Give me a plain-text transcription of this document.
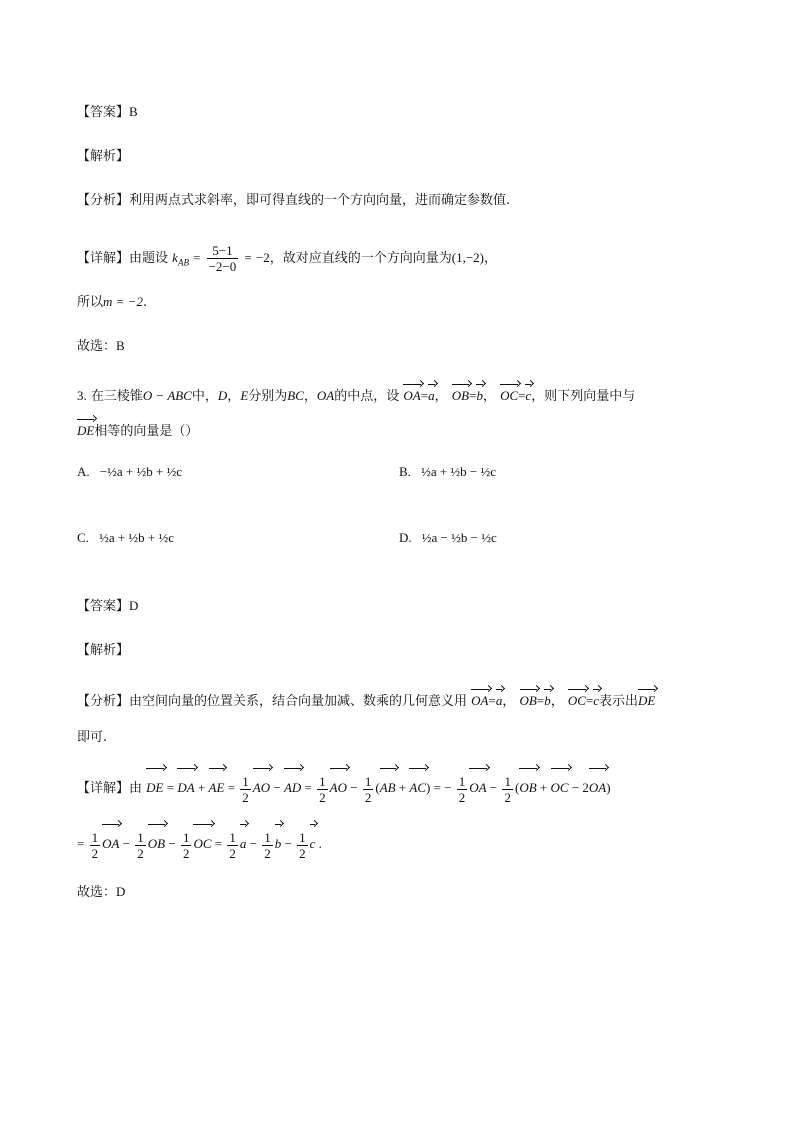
【答案】B
【解析】
【分析】利用两点式求斜率，即可得直线的一个方向向量，进而确定参数值.
【详解】由题设 $k_{AB} = \frac{5-1}{-2-0} = -2$，故对应直线的一个方向向量为(1,−2)，
所以m = −2.
故选：B
3. 在三棱锥O − ABC中，D，E分别为BC，OA的中点，设 OA=a， OB=b， OC=c，则下列向量中与
DE相等的向量是（）
A. −½a + ½b + ½c	B. ½a + ½b − ½c
C. ½a + ½b + ½c	D. ½a − ½b − ½c
【答案】D
【解析】
【分析】由空间向量的位置关系，结合向量加减、数乘的几何意义用 OA=a， OB=b， OC=c表示出DE
即可.
【详解】由 DE = DA + AE = $\frac{1}{2}$ AO − AD = $\frac{1}{2}$ AO − $\frac{1}{2} (AB + AC)$ = − $\frac{1}{2}$ OA − $\frac{1}{2} (OB$ + OC − 2OA)
= $\frac{1}{2}$ OA − $\frac{1}{2}$ OB − $\frac{1}{2}$ OC = $\frac{1}{2}$ $a - \frac{1}{2}$ $b - \frac{1}{2}$ c .
故选：D
